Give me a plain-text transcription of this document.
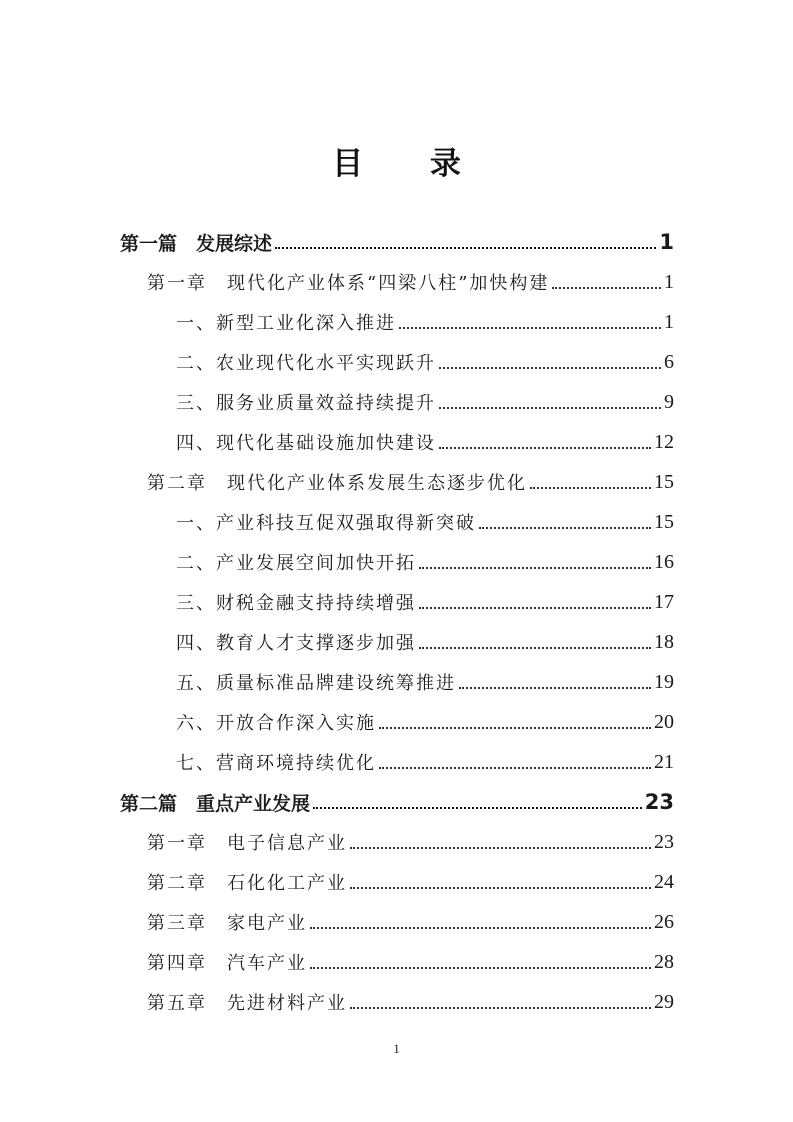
目 录
第一篇　发展综述	1
第一章　现代化产业体系“四梁八柱”加快构建	1
一、新型工业化深入推进	1
二、农业现代化水平实现跃升	6
三、服务业质量效益持续提升	9
四、现代化基础设施加快建设	12
第二章　现代化产业体系发展生态逐步优化	15
一、产业科技互促双强取得新突破	15
二、产业发展空间加快开拓	16
三、财税金融支持持续增强	17
四、教育人才支撑逐步加强	18
五、质量标准品牌建设统筹推进	19
六、开放合作深入实施	20
七、营商环境持续优化	21
第二篇　重点产业发展	23
第一章　电子信息产业	23
第二章　石化化工产业	24
第三章　家电产业	26
第四章　汽车产业	28
第五章　先进材料产业	29
1
